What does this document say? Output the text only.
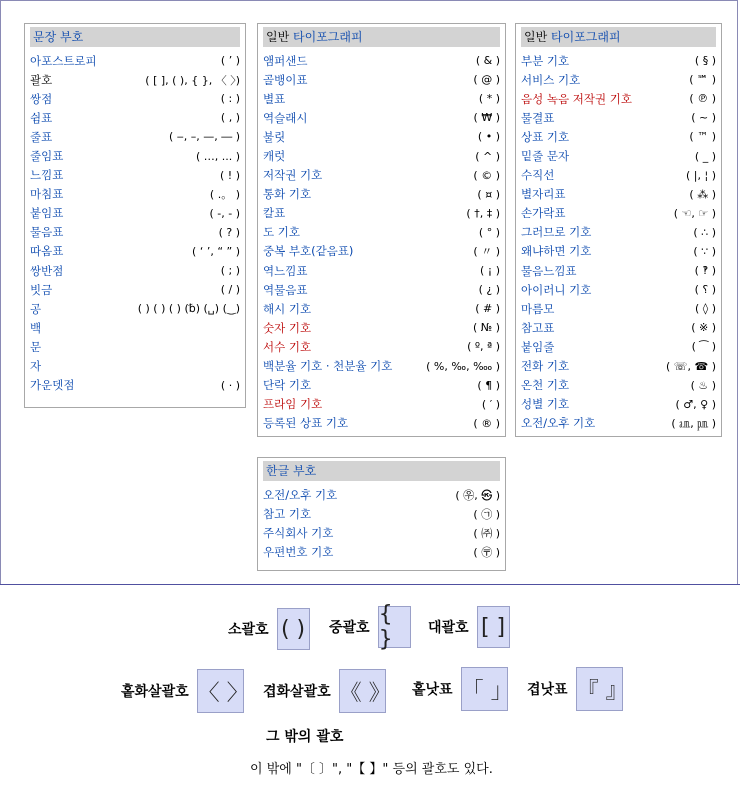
문장 부호
아포스트로피	( ’ )
괄호	( [ ], ( ), { }, 〈 〉)
쌍점	( : )
쉼표	( , )
줄표	( ‒, –, —, ― )
줄임표	( …, ... )
느낌표	( ! )
마침표	( .。 )
붙임표	( ‐, - )
물음표	( ? )
따옴표	( ‘ ’, “ ” )
쌍반점	( ; )
빗금	( / )
공	( ) ( ) ( ) (␢) (␣) (‿)
백
문
자
가운뎃점	( · )
일반 타이포그래피
앰퍼샌드	( & )
골뱅이표	( @ )
별표	( * )
역슬래시	( ₩ )
불릿	( • )
캐럿	( ^ )
저작권 기호	( © )
통화 기호	( ¤ )
칼표	( †, ‡ )
도 기호	( ° )
중복 부호(같음표)	( 〃 )
역느낌표	( ¡ )
역물음표	( ¿ )
해시 기호	( # )
숫자 기호	( № )
서수 기호	( º, ª )
백분율 기호 · 천분율 기호	( %, ‰, ‱ )
단락 기호	( ¶ )
프라임 기호	( ′ )
등록된 상표 기호	( ® )
일반 타이포그래피
부분 기호	( § )
서비스 기호	( ℠ )
음성 녹음 저작권 기호	( ℗ )
물결표	( ~ )
상표 기호	( ™ )
밑줄 문자	( _ )
수직선	( |, ¦ )
별자리표	( ⁂ )
손가락표	( ☜, ☞ )
그러므로 기호	( ∴ )
왜냐하면 기호	( ∵ )
물음느낌표	( ‽ )
아이러니 기호	( ⸮ )
마름모	( ◊ )
참고표	( ※ )
붙임줄	( ⁀ )
전화 기호	( ☏, ☎ )
온천 기호	( ♨ )
성별 기호	( ♂, ♀ )
오전/오후 기호	( ㏂, ㏘ )
한글 부호
오전/오후 기호	( ㉾, ㉿ )
참고 기호	( ㉠ )
주식회사 기호	( ㈜ )
우편번호 기호	( 〶 )
소괄호 ( )	중괄호
{ }	대괄호 [ ]
홑화살괄호 〈 〉 겹화살괄호 《 》 홑낫표 「 」 겹낫표 『 』
그 밖의 괄호
이 밖에 "〔 〕", "【 】" 등의 괄호도 있다.
